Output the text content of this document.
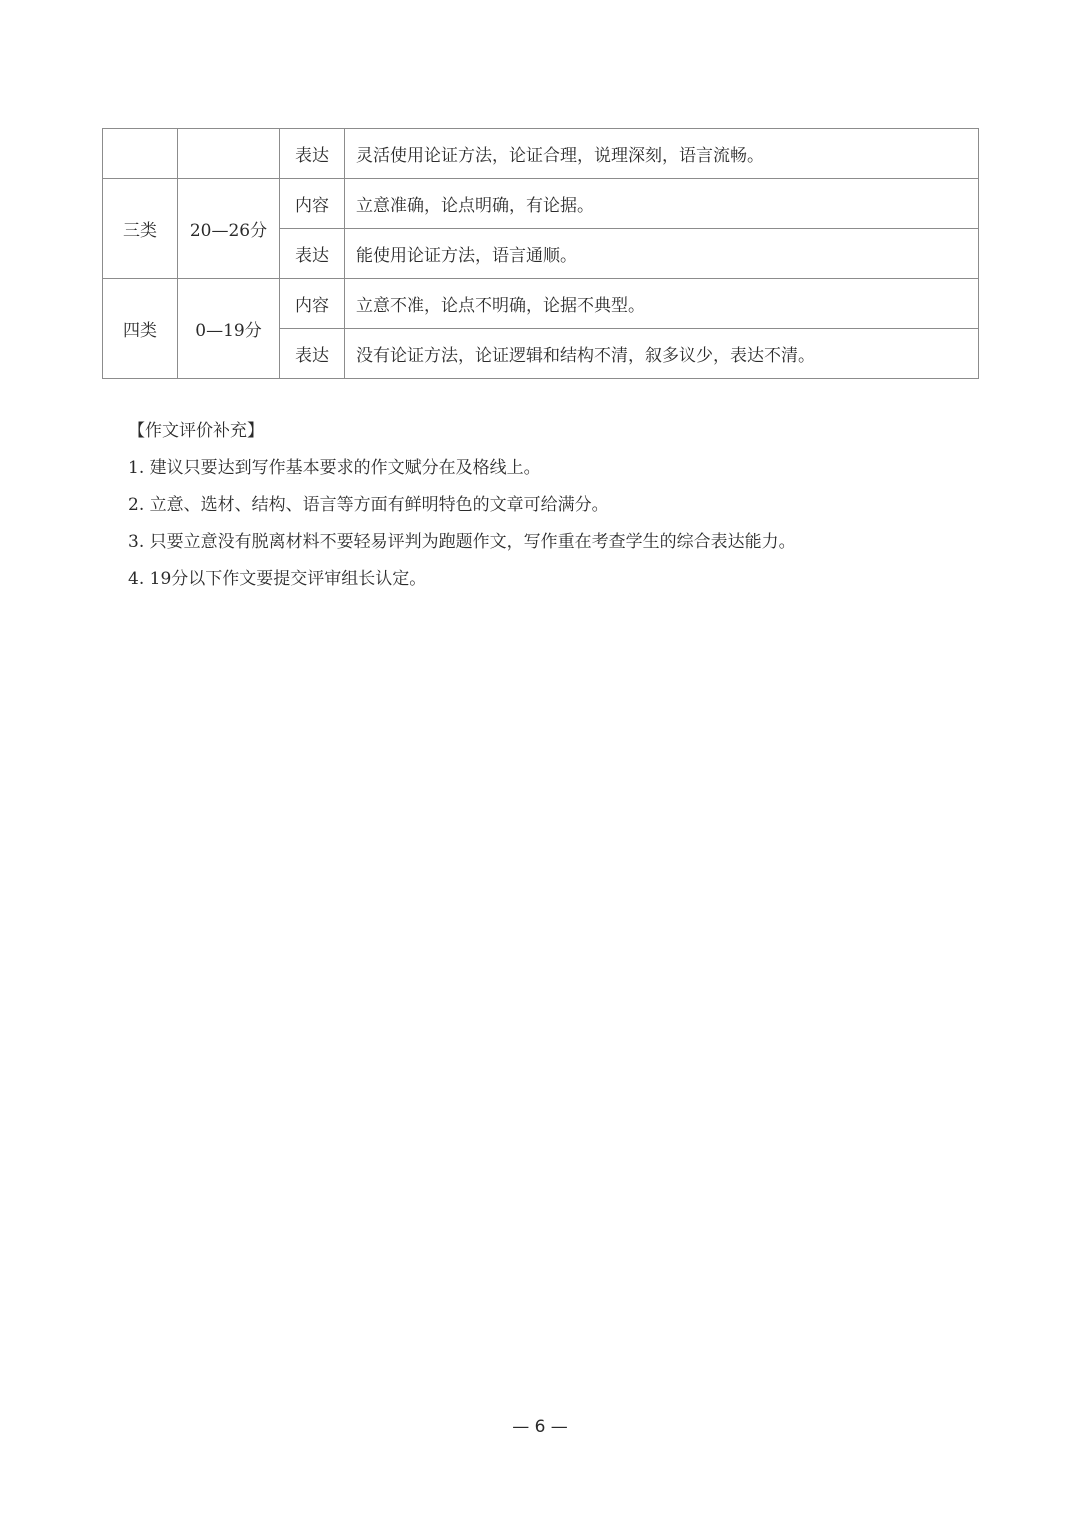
		表达	灵活使用论证方法，论证合理，说理深刻，语言流畅。
三类	20—26分	内容	立意准确，论点明确，有论据。
		表达	能使用论证方法，语言通顺。
四类	0—19分	内容	立意不准，论点不明确，论据不典型。
		表达	没有论证方法，论证逻辑和结构不清，叙多议少，表达不清。
【作文评价补充】
1. 建议只要达到写作基本要求的作文赋分在及格线上。
2. 立意、选材、结构、语言等方面有鲜明特色的文章可给满分。
3. 只要立意没有脱离材料不要轻易评判为跑题作文，写作重在考查学生的综合表达能力。
4. 19分以下作文要提交评审组长认定。
— 6 —
